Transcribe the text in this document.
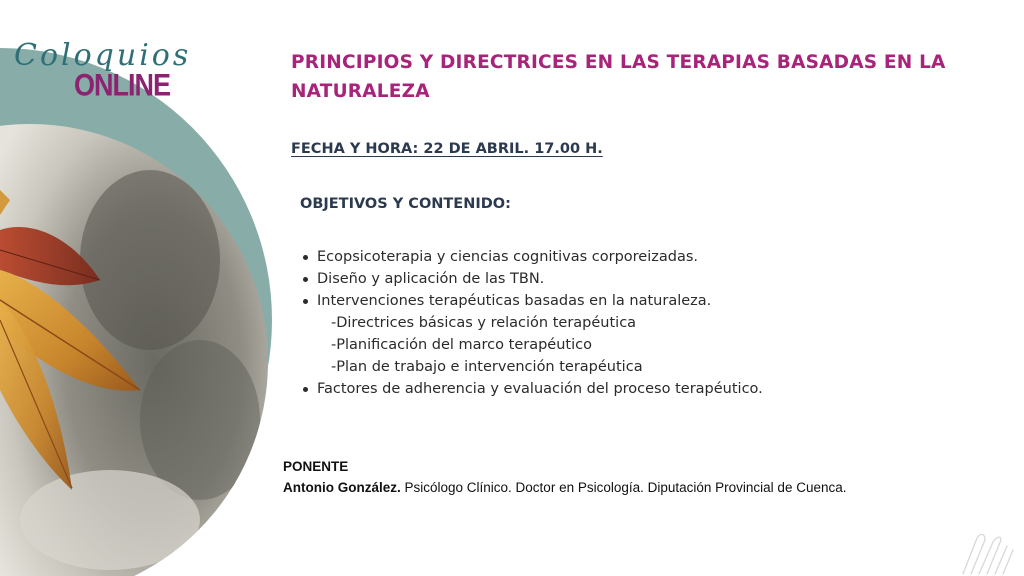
Coloquios
ONLINE
PRINCIPIOS Y DIRECTRICES EN LAS TERAPIAS BASADAS EN LA NATURALEZA

FECHA Y HORA: 22 DE ABRIL. 17.00 H.

OBJETIVOS Y CONTENIDO:

Ecopsicoterapia y ciencias cognitivas corporeizadas.
Diseño y aplicación de las TBN.
Intervenciones terapéuticas basadas en la naturaleza.
-Directrices básicas y relación terapéutica
-Planificación del marco terapéutico
-Plan de trabajo e intervención terapéutica
Factores de adherencia y evaluación del proceso terapéutico.

PONENTE

Antonio González. Psicólogo Clínico. Doctor en Psicología. Diputación Provincial de Cuenca.
